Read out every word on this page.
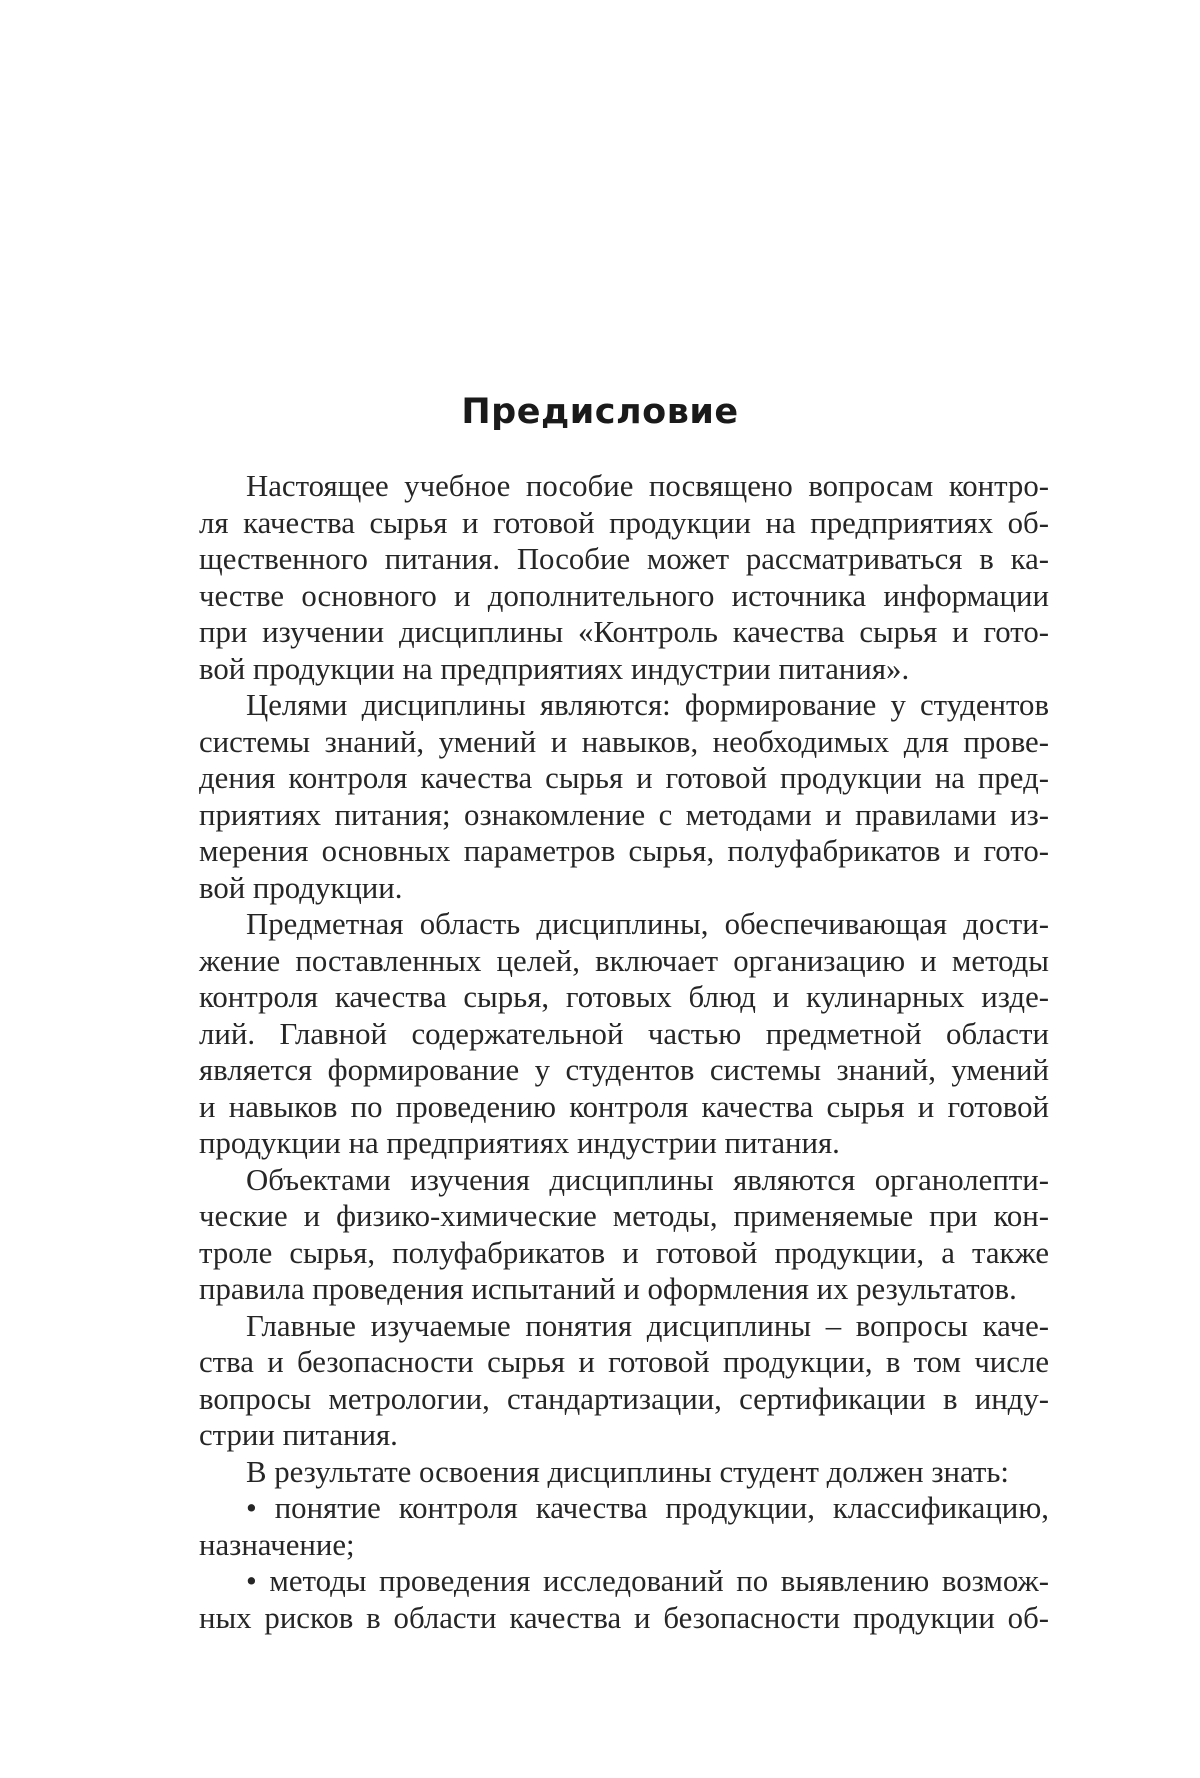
Предисловие
Настоящее учебное пособие посвящено вопросам контро-
ля качества сырья и готовой продукции на предприятиях об-
щественного питания. Пособие может рассматриваться в ка-
честве основного и дополнительного источника информации
при изучении дисциплины «Контроль качества сырья и гото-
вой продукции на предприятиях индустрии питания».
Целями дисциплины являются: формирование у студентов
системы знаний, умений и навыков, необходимых для прове-
дения контроля качества сырья и готовой продукции на пред-
приятиях питания; ознакомление с методами и правилами из-
мерения основных параметров сырья, полуфабрикатов и гото-
вой продукции.
Предметная область дисциплины, обеспечивающая дости-
жение поставленных целей, включает организацию и методы
контроля качества сырья, готовых блюд и кулинарных изде-
лий. Главной содержательной частью предметной области
является формирование у студентов системы знаний, умений
и навыков по проведению контроля качества сырья и готовой
продукции на предприятиях индустрии питания.
Объектами изучения дисциплины являются органолепти-
ческие и физико-химические методы, применяемые при кон-
троле сырья, полуфабрикатов и готовой продукции, а также
правила проведения испытаний и оформления их результатов.
Главные изучаемые понятия дисциплины – вопросы каче-
ства и безопасности сырья и готовой продукции, в том числе
вопросы метрологии, стандартизации, сертификации в инду-
стрии питания.
В результате освоения дисциплины студент должен знать:
• понятие контроля качества продукции, классификацию,
назначение;
• методы проведения исследований по выявлению возмож-
ных рисков в области качества и безопасности продукции об-
